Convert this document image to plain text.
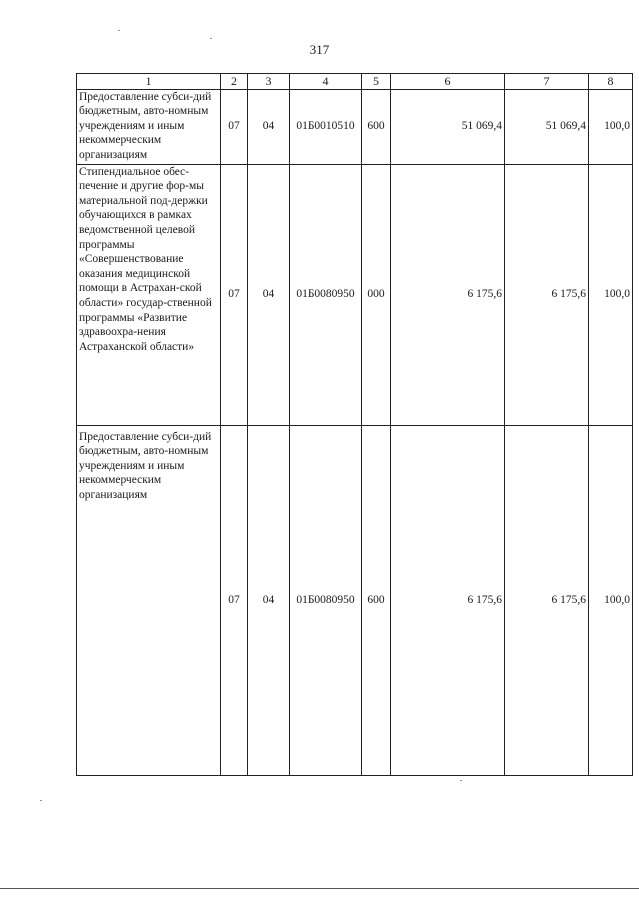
317
1	2	3	4	5	6	7	8
Предоставление субси-дий бюджетным, авто-номным учреждениям и иным некоммерческим организациям	07	04	01Б0010510	600	51 069,4	51 069,4	100,0
Стипендиальное обес-печение и другие фор-мы материальной под-держки обучающихся в рамках ведомственной целевой программы «Совершенствование оказания медицинской помощи в Астрахан-ской области» государ-ственной программы «Развитие здравоохра-нения Астраханской области»	07	04	01Б0080950	000	6 175,6	6 175,6	100,0
Предоставление субси-дий бюджетным, авто-номным учреждениям и иным некоммерческим организациям	07	04	01Б0080950	600	6 175,6	6 175,6	100,0
